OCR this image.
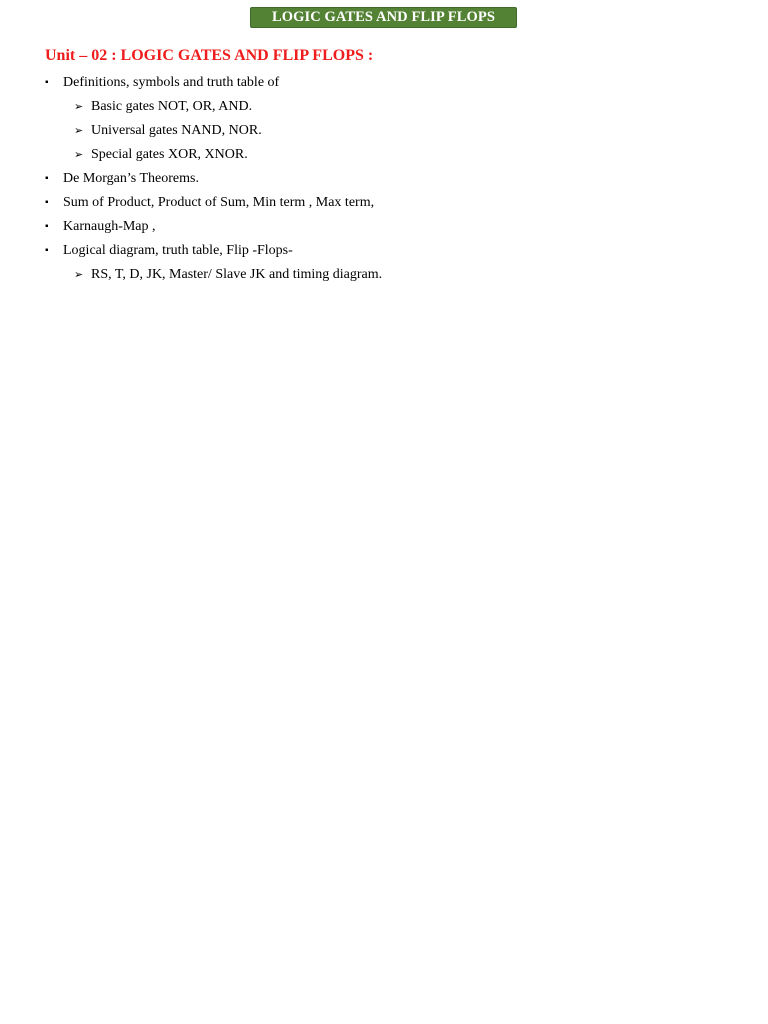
LOGIC GATES AND FLIP FLOPS
Unit – 02 : LOGIC GATES AND FLIP FLOPS :
▪	Definitions, symbols and truth table of
➢ Basic gates NOT, OR, AND.
➢ Universal gates NAND, NOR.
➢ Special gates XOR, XNOR.
▪	De Morgan’s Theorems.
▪	Sum of Product, Product of Sum, Min term , Max term,
▪	Karnaugh-Map ,
▪	Logical diagram, truth table, Flip -Flops-
➢ RS, T, D, JK, Master/ Slave JK and timing diagram.
